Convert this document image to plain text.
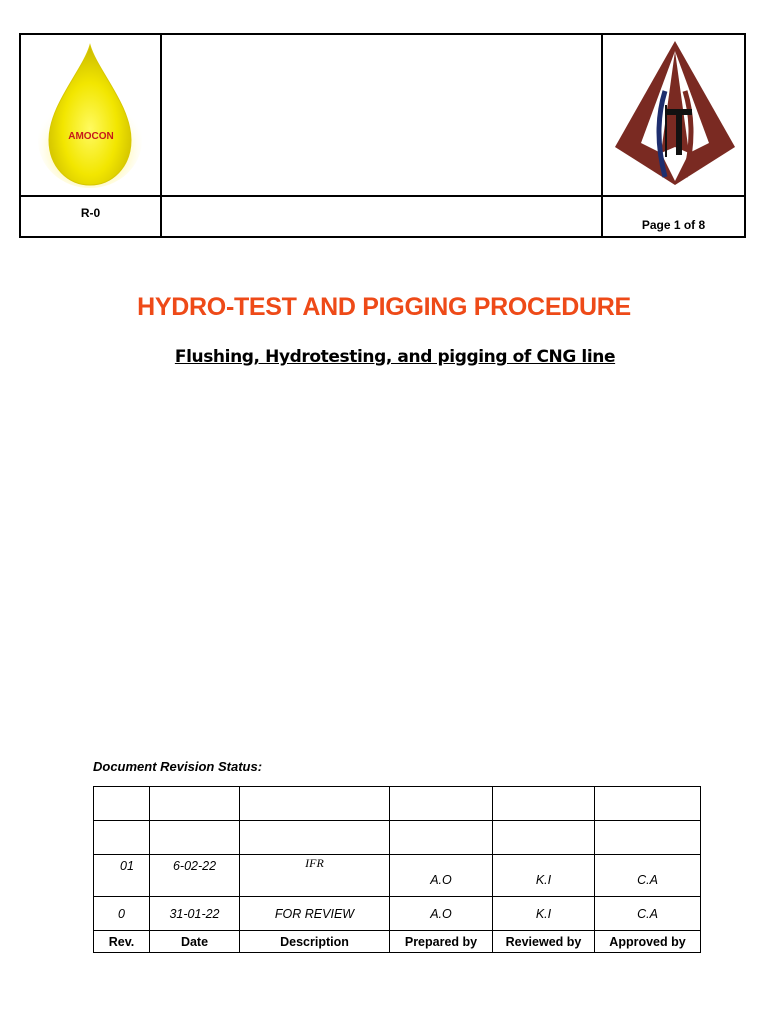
AMOCON

R-0		Page 1 of 8
HYDRO-TEST AND PIGGING PROCEDURE
Flushing, Hydrotesting, and pigging of CNG line
Document Revision Status:

01	6-02-22	IFR	A.O	K.I	C.A
0	31-01-22	FOR REVIEW	A.O	K.I	C.A
Rev.	Date	Description	Prepared by	Reviewed by	Approved by
